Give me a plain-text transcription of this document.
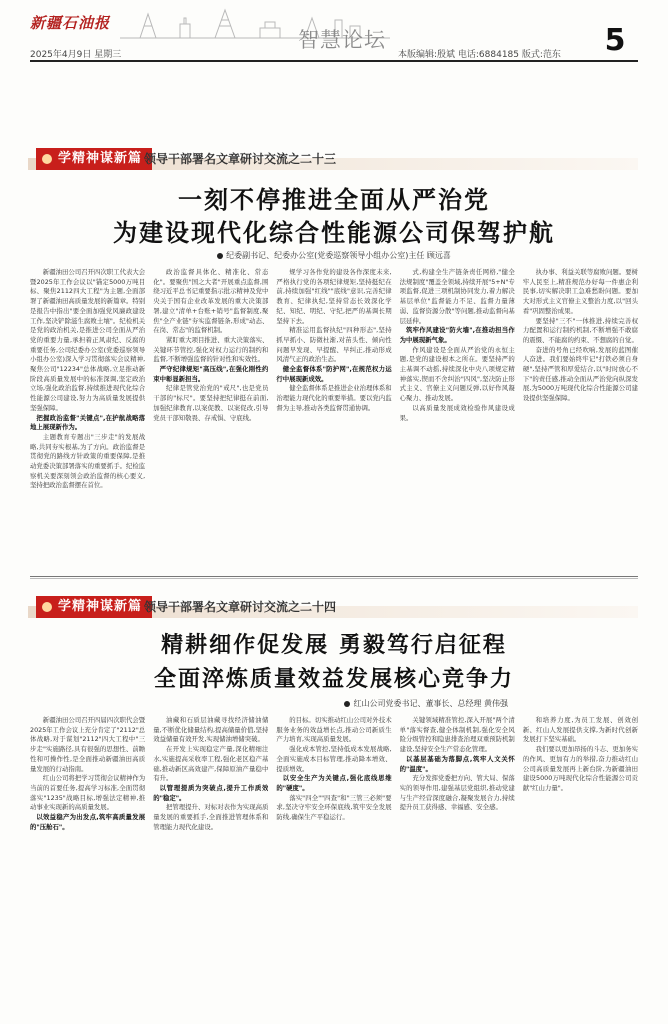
新疆石油报
智慧论坛	5
2025年4月9日 星期三	本版编辑:殷斌 电话:6884185 版式:范东
学精神谋新篇 领导干部署名文章研讨交流之二十三
一刻不停推进全面从严治党
为建设现代化综合性能源公司保驾护航
纪委副书记、纪委办公室(党委巡察领导小组办公室)主任 顾远喜

新疆油田公司召开四次职工代表大会暨2025年工作会议以"锚定5000万吨目标、聚焦2112四大工程"为主题,全面部署了新疆油田高质量发展的新篇章。特别是报告中指出"要全面加强党风廉政建设工作,坚决铲除滋生腐败土壤"。纪检机关是党的政治机关,是推进公司全面从严治党的重要力量,承担着正风肃纪、反腐的重要任务,公司纪委办公室(党委巡察领导小组办公室)深入学习贯彻落实会议精神,聚焦公司"12234"总体战略,立足推动新阶段高质量发展中的标准深调,坚定政治立场,强化政治监督,持续推进现代化综合性能源公司建设,努力为高质量发展提供坚强保障。

把握政治监督"关键点",在护航战略落地上展现新作为。

主题教育专题出"三步走"的发展战略,共同夯实根基,为了方向。政治监督是贯彻党的路线方针政策的重要保障,是推动党委决策部署落实的重要抓手。纪检监察机关要深刻领会政治监督的核心要义,坚持把政治监督摆在首位。

政治监督具体化、精准化、常态化"。要聚焦"国之大者"开展重点监督,围绕习近平总书记重要指示批示精神及党中央关于国有企业改革发展的重大决策部署,建立"清单+台账+销号"监督制度,聚焦"全产业链"夯实监督链条,形成"动态、在岗、常态"的监督机制。

紧盯重大项目推进、重大决策落实、关键环节管控,强化对权力运行的制约和监督,不断增强监督的针对性和实效性。

严守纪律规矩"高压线",在强化刚性约束中彰显新担当。

纪律是管党治党的"戒尺",也是党员干部的"标尺"。要坚持把纪律挺在前面,加强纪律教育,以案促教、以案促改,引导党员干部知敬畏、存戒惧、守底线。

规学习各作党的建设各作深度未来,严格执行党的各项纪律规矩,坚持挺纪在前,持续加强"红线""底线"意识,完善纪律教育、纪律执纪,坚持常态长效深化学纪、知纪、明纪、守纪,把严的基调长期坚持下去。

精准运用监督执纪"四种形态",坚持抓早抓小、防微杜渐,对苗头性、倾向性问题早发现、早提醒、早纠正,推动形成风清气正的政治生态。

健全监督体系"防护网",在规范权力运行中展现新成效。

健全监督体系是推进企业治理体系和治理能力现代化的重要举措。要以党内监督为主导,推动各类监督贯通协调。

式,构建全生产链条责任网格,"健全法规制度"覆盖全领域,持续开展"5+N"专项监督,促进三项机制协同发力,着力解决基层单位"监督能力不足、监督力量薄弱、监督资源分散"等问题,推动监督向基层延伸。

筑牢作风建设"防火墙",在推动担当作为中展现新气象。

作风建设是全面从严治党的永恒主题,是党的建设根本之所在。要坚持严的主基调不动摇,持续深化中央八项规定精神落实,锲而不舍纠治"四风",坚决防止形式主义、官僚主义问题反弹,以好作风凝心聚力、推动发展。

以高质量发展成效检验作风建设成果。

执办事、利益关联等腐败问题。要树牢人民至上,精准规范办好每一件惠企利民事,切实解决职工急难愁盼问题。要加大对形式主义官僚主义整治力度,以"回头看"巩固整治成果。

要坚持"三不"一体推进,持续完善权力配置和运行制约机制,不断增强不敢腐的震慑、不能腐的约束、不想腐的自觉。

奋进的号角已经吹响,发展的蓝图催人奋进。我们要始终牢记"打铁必须自身硬",坚持严管和厚爱结合,以"时时放心不下"的责任感,推动全面从严治党向纵深发展,为5000万吨现代化综合性能源公司建设提供坚强保障。

学精神谋新篇 领导干部署名文章研讨交流之二十四
精耕细作促发展 勇毅笃行启征程
全面淬炼质量效益发展核心竞争力
红山公司党委书记、董事长、总经理 黄伟强

新疆油田公司召开四届四次职代会暨2025年工作会议上充分肯定了"2112"总体战略,对于谋划"2112"四大工程中"三步走"实施路径,具有很强的思想性、前瞻性和可操作性,是全面推动新疆油田高质量发展的行动指南。

红山公司将把学习贯彻会议精神作为当前的首要任务,提高学习标准,全面贯彻落实"1235"战略目标,增强法定精神,推动事业实现新的高质量发展。

以效益稳产为出发点,筑牢高质量发展的"压舱石"。

油藏和石质层油藏寻找经济储油储量,不断优化储量结构,提高储量价值,坚持效益储量有效开发,实现储油增储突破。

在开发上实现稳定产量,深化精细注水,实施提高采收率工程,强化老区稳产基础,推动新区高效建产,保障原油产量稳中有升。

以管理提质为突破点,提升工作质效的"稳定"。

把管理提升、对标对表作为实现高质量发展的重要抓手,全面推进管理体系和管理能力现代化建设。

的目标。切实推动红山公司对外技术服务业务的效益增长点,推动公司新质生产力培育,实现高质量发展。

强化成本管控,坚持低成本发展战略,全面实施成本目标管理,推动降本增效、提质增效。

以安全生产为关键点,强化底线思维的"硬度"。

落实"四全""四查"和"三管三必须"要求,坚决守牢安全环保底线,筑牢安全发展防线,确保生产平稳运行。

关键领域精准管控,深入开展"两个清单"落实督查,健全体制机制,强化安全风险分级管控和隐患排查治理双重预防机制建设,坚持安全生产常态化管理。

以基层基础为落脚点,筑牢人文关怀的"温度"。

充分发挥党委把方向、管大局、保落实的领导作用,建强基层党组织,推动党建与生产经营深度融合,凝聚发展合力,持续提升员工获得感、幸福感、安全感。

和培养力度,为员工发展、创效创新、红山人发展提供支撑,为新时代创新发展打下坚实基础。

我们要以更加昂扬的斗志、更加务实的作风、更加有力的举措,奋力推动红山公司高质量发展再上新台阶,为新疆油田建设5000万吨现代化综合性能源公司贡献"红山力量"。
